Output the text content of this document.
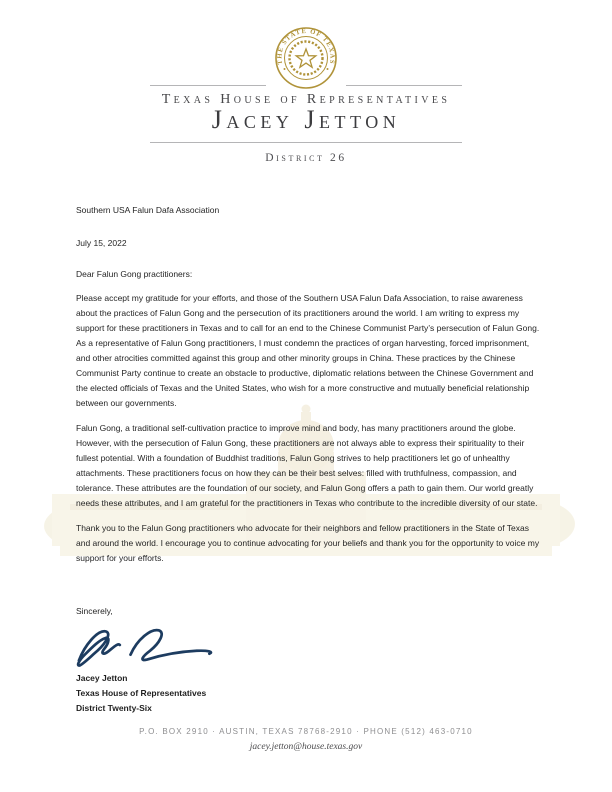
THE STATE OF TEXAS
Texas House of Representatives
Jacey Jetton
District 26
Southern USA Falun Dafa Association
July 15, 2022
Dear Falun Gong practitioners:

Please accept my gratitude for your efforts, and those of the Southern USA Falun Dafa Association, to raise awareness about the practices of Falun Gong and the persecution of its practitioners around the world. I am writing to express my support for these practitioners in Texas and to call for an end to the Chinese Communist Party’s persecution of Falun Gong. As a representative of Falun Gong practitioners, I must condemn the practices of organ harvesting, forced imprisonment, and other atrocities committed against this group and other minority groups in China. These practices by the Chinese Communist Party continue to create an obstacle to productive, diplomatic relations between the Chinese Government and the elected officials of Texas and the United States, who wish for a more constructive and mutually beneficial relationship between our governments.

Falun Gong, a traditional self-cultivation practice to improve mind and body, has many practitioners around the globe. However, with the persecution of Falun Gong, these practitioners are not always able to express their spirituality to their fullest potential. With a foundation of Buddhist traditions, Falun Gong strives to help practitioners let go of unhealthy attachments. These practitioners focus on how they can be their best selves: filled with truthfulness, compassion, and tolerance. These attributes are the foundation of our society, and Falun Gong offers a path to gain them. Our world greatly needs these attributes, and I am grateful for the practitioners in Texas who contribute to the incredible diversity of our state.

Thank you to the Falun Gong practitioners who advocate for their neighbors and fellow practitioners in the State of Texas and around the world. I encourage you to continue advocating for your beliefs and thank you for the opportunity to voice my support for your efforts.

Sincerely,
Jacey Jetton
Texas House of Representatives
District Twenty-Six
P.O. BOX 2910 · AUSTIN, TEXAS 78768-2910 · PHONE (512) 463-0710
jacey.jetton@house.texas.gov
